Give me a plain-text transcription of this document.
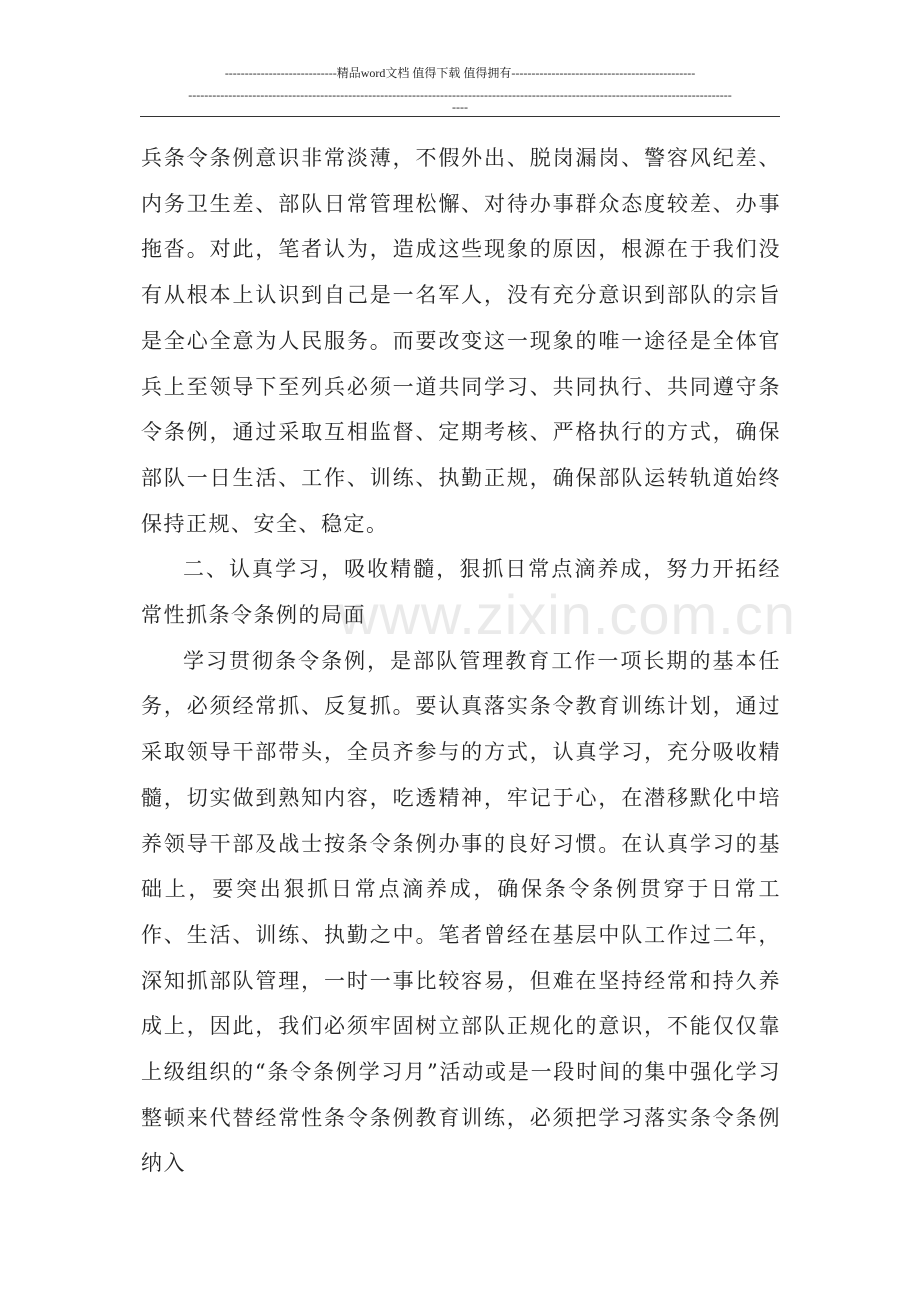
----------------------------精品word文档 值得下载 值得拥有----------------------------------------------
----------------------------------------------------------------------------------------------------------------------------------------
----

兵条令条例意识非常淡薄，不假外出、脱岗漏岗、警容风纪差、内务卫生差、部队日常管理松懈、对待办事群众态度较差、办事拖沓。对此，笔者认为，造成这些现象的原因，根源在于我们没有从根本上认识到自己是一名军人，没有充分意识到部队的宗旨是全心全意为人民服务。而要改变这一现象的唯一途径是全体官兵上至领导下至列兵必须一道共同学习、共同执行、共同遵守条令条例，通过采取互相监督、定期考核、严格执行的方式，确保部队一日生活、工作、训练、执勤正规，确保部队运转轨道始终保持正规、安全、稳定。

二、认真学习，吸收精髓，狠抓日常点滴养成，努力开拓经常性抓条令条例的局面

学习贯彻条令条例，是部队管理教育工作一项长期的基本任务，必须经常抓、反复抓。要认真落实条令教育训练计划，通过采取领导干部带头，全员齐参与的方式，认真学习，充分吸收精髓，切实做到熟知内容，吃透精神，牢记于心，在潜移默化中培养领导干部及战士按条令条例办事的良好习惯。在认真学习的基础上，要突出狠抓日常点滴养成，确保条令条例贯穿于日常工作、生活、训练、执勤之中。笔者曾经在基层中队工作过二年，深知抓部队管理，一时一事比较容易，但难在坚持经常和持久养成上，因此，我们必须牢固树立部队正规化的意识，不能仅仅靠上级组织的“条令条例学习月”活动或是一段时间的集中强化学习整顿来代替经常性条令条例教育训练，必须把学习落实条令条例纳入

www.zixin.com.cn
